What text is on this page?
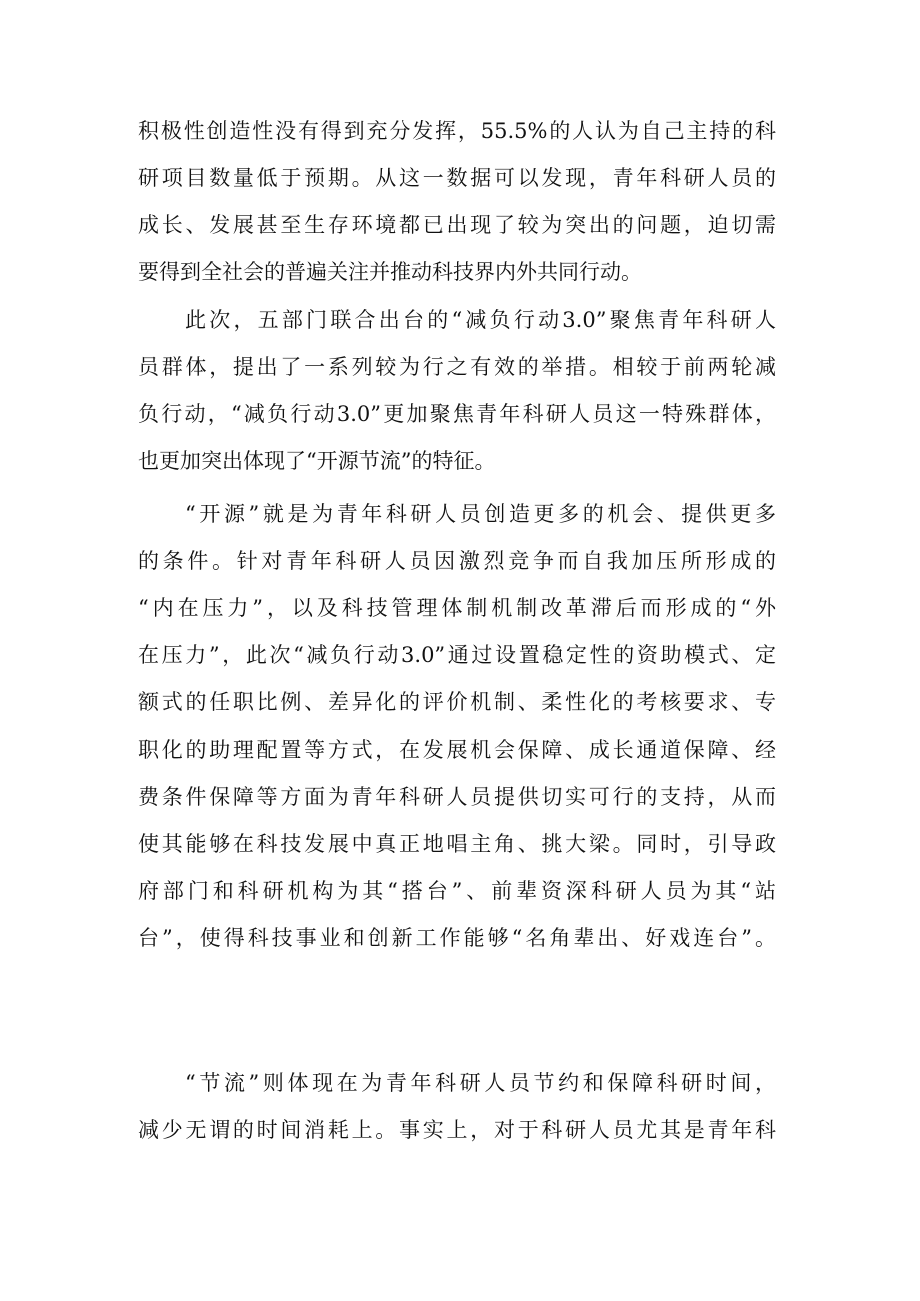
积极性创造性没有得到充分发挥，55.5%的人认为自己主持的科
研项目数量低于预期。从这一数据可以发现，青年科研人员的
成长、发展甚至生存环境都已出现了较为突出的问题，迫切需
要得到全社会的普遍关注并推动科技界内外共同行动。
此次，五部门联合出台的“减负行动3.0”聚焦青年科研人
员群体，提出了一系列较为行之有效的举措。相较于前两轮减
负行动，“减负行动3.0”更加聚焦青年科研人员这一特殊群体，
也更加突出体现了“开源节流”的特征。
“开源”就是为青年科研人员创造更多的机会、提供更多
的条件。针对青年科研人员因激烈竞争而自我加压所形成的
“内在压力”，以及科技管理体制机制改革滞后而形成的“外
在压力”，此次“减负行动3.0”通过设置稳定性的资助模式、定
额式的任职比例、差异化的评价机制、柔性化的考核要求、专
职化的助理配置等方式，在发展机会保障、成长通道保障、经
费条件保障等方面为青年科研人员提供切实可行的支持，从而
使其能够在科技发展中真正地唱主角、挑大梁。同时，引导政
府部门和科研机构为其“搭台”、前辈资深科研人员为其“站
台”，使得科技事业和创新工作能够“名角辈出、好戏连台”。
“节流”则体现在为青年科研人员节约和保障科研时间，
减少无谓的时间消耗上。事实上，对于科研人员尤其是青年科
